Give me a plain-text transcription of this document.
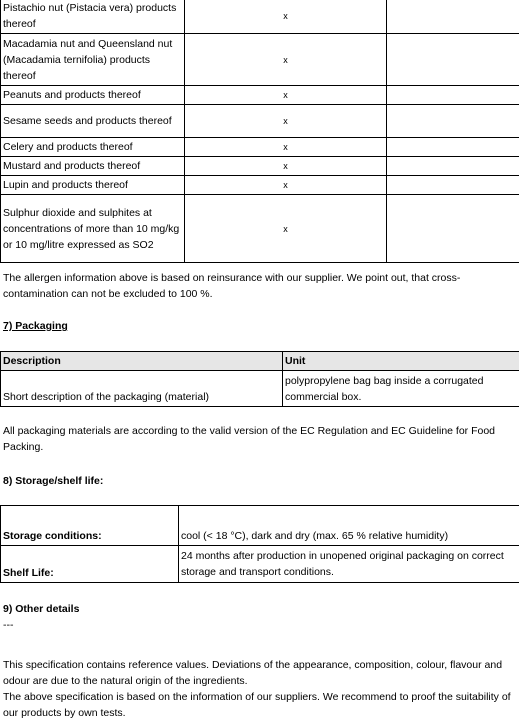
Pistachio nut (Pistacia vera) products thereof	x	
Macadamia nut and Queensland nut (Macadamia ternifolia) products thereof	x	
Peanuts and products thereof	x	
Sesame seeds and products thereof	x	
Celery and products thereof	x	
Mustard and products thereof	x	
Lupin and products thereof	x	
Sulphur dioxide and sulphites at concentrations of more than 10 mg/kg or 10 mg/litre expressed as SO2	x	
The allergen information above is based on reinsurance with our supplier. We point out, that cross-contamination can not be excluded to 100 %.
7) Packaging
Description	Unit
Short description of the packaging (material)	polypropylene bag bag inside a corrugated commercial box.
All packaging materials are according to the valid version of the EC Regulation and EC Guideline for Food Packing.
8) Storage/shelf life:
Storage conditions:	cool (< 18 °C), dark and dry (max. 65 % relative humidity)
Shelf Life:	24 months after production in unopened original packaging on correct storage and transport conditions.
9) Other details
---
This specification contains reference values. Deviations of the appearance, composition, colour, flavour and odour are due to the natural origin of the ingredients.
The above specification is based on the information of our suppliers. We recommend to proof the suitability of our products by own tests.
